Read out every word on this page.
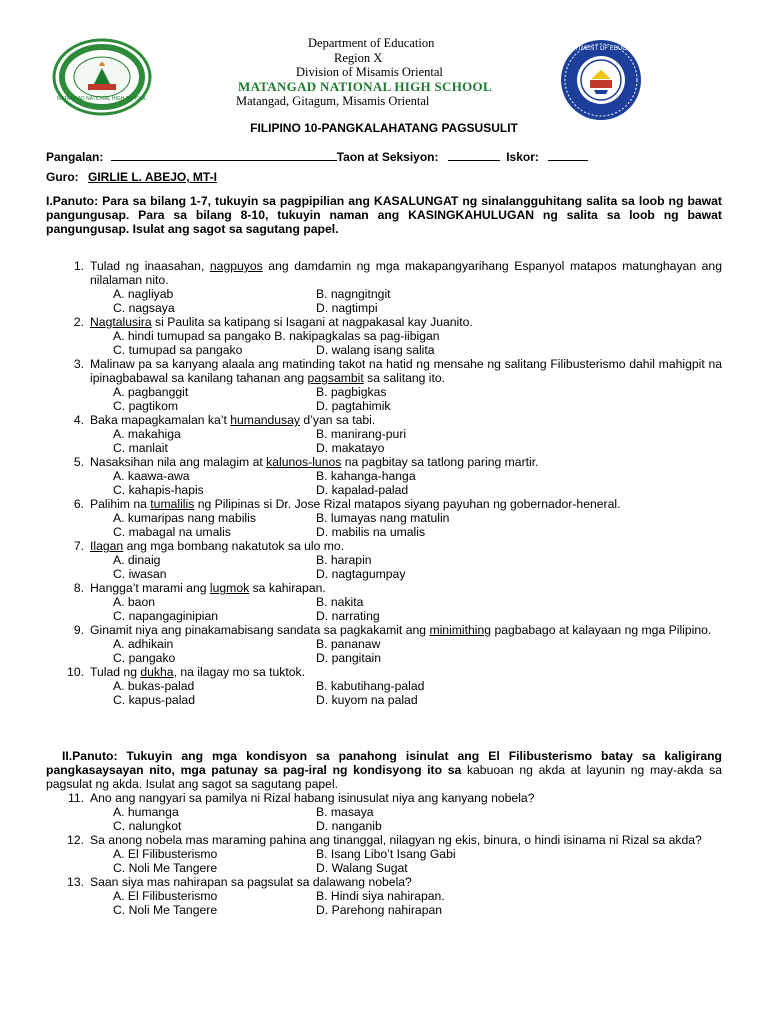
MATANGAD NATIONAL HIGH SCHOOL
Department of Education
Region X
Division of Misamis Oriental
MATANGAD NATIONAL HIGH SCHOOL
Matangad, Gitagum, Misamis Oriental
DEPARTMENT OF EDUCATION
FILIPINO 10-PANGKALAHATANG PAGSUSULIT
Pangalan:	Taon at Seksiyon:	Iskor:
Guro: GIRLIE L. ABEJO, MT-I
I.Panuto: Para sa bilang 1-7, tukuyin sa pagpipilian ang KASALUNGAT ng sinalangguhitang salita sa loob ng bawat pangungusap. Para sa bilang 8-10, tukuyin naman ang KASINGKAHULUGAN ng salita sa loob ng bawat pangungusap. Isulat ang sagot sa sagutang papel.
1. Tulad ng inaasahan, nagpuyos ang damdamin ng mga makapangyarihang Espanyol matapos matunghayan ang nilalaman nito.
A. nagliyab	B. nagngitngit
C. nagsaya	D. nagtimpi
2. Nagtalusira si Paulita sa katipang si Isagani at nagpakasal kay Juanito.
A. hindi tumupad sa pangako B. nakipagkalas sa pag-iibigan
C. tumupad sa pangako	D. walang isang salita
3. Malinaw pa sa kanyang alaala ang matinding takot na hatid ng mensahe ng salitang Filibusterismo dahil mahigpit na ipinagbabawal sa kanilang tahanan ang pagsambit sa salitang ito.
A. pagbanggit	B. pagbigkas
C. pagtikom	D. pagtahimik
4. Baka mapagkamalan ka’t humandusay d’yan sa tabi.
A. makahiga	B. manirang-puri
C. manlait	D. makatayo
5. Nasaksihan nila ang malagim at kalunos-lunos na pagbitay sa tatlong paring martir.
A. kaawa-awa	B. kahanga-hanga
C. kahapis-hapis	D. kapalad-palad
6. Palihim na tumalilis ng Pilipinas si Dr. Jose Rizal matapos siyang payuhan ng gobernador-heneral.
A. kumaripas nang mabilis	B. lumayas nang matulin
C. mabagal na umalis	D. mabilis na umalis
7. Ilagan ang mga bombang nakatutok sa ulo mo.
A. dinaig	B. harapin
C. iwasan	D. nagtagumpay
8. Hangga’t marami ang lugmok sa kahirapan.
A. baon	B. nakita
C. napangaginipian	D. narrating
9. Ginamit niya ang pinakamabisang sandata sa pagkakamit ang minimithing pagbabago at kalayaan ng mga Pilipino.
A. adhikain	B. pananaw
C. pangako	D. pangitain
10. Tulad ng dukha, na ilagay mo sa tuktok.
A. bukas-palad	B. kabutihang-palad
C. kapus-palad	D. kuyom na palad
II.Panuto: Tukuyin ang mga kondisyon sa panahong isinulat ang El Filibusterismo batay sa kaligirang pangkasaysayan nito, mga patunay sa pag-iral ng kondisyong ito sa kabuoan ng akda at layunin ng may-akda sa pagsulat ng akda. Isulat ang sagot sa sagutang papel.
11. Ano ang nangyari sa pamilya ni Rizal habang isinusulat niya ang kanyang nobela?
A. humanga	B. masaya
C. nalungkot	D. nanganib
12. Sa anong nobela mas maraming pahina ang tinanggal, nilagyan ng ekis, binura, o hindi isinama ni Rizal sa akda?
A. El Filibusterismo	B. Isang Libo’t Isang Gabi
C. Noli Me Tangere	D. Walang Sugat
13. Saan siya mas nahirapan sa pagsulat sa dalawang nobela?
A. El Filibusterismo	B. Hindi siya nahirapan.
C. Noli Me Tangere	D. Parehong nahirapan
